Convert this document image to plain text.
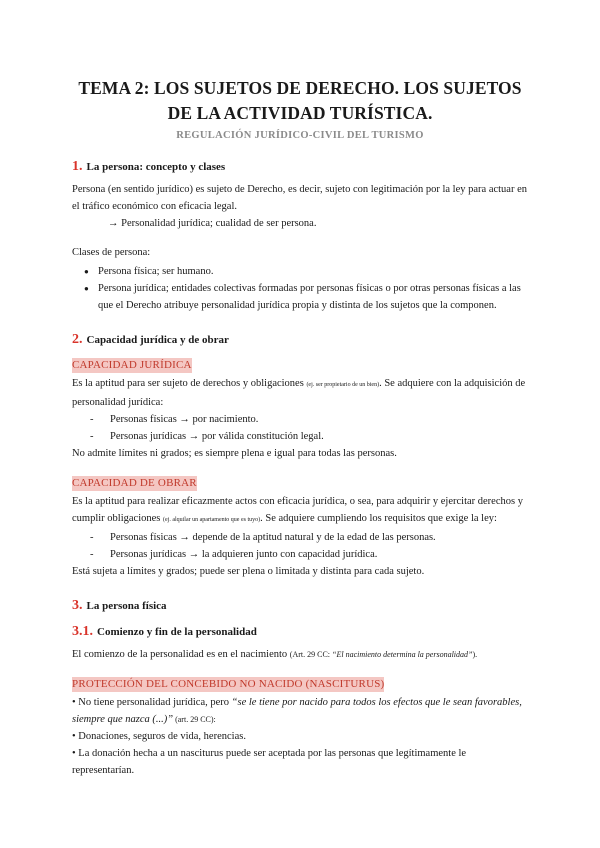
TEMA 2: LOS SUJETOS DE DERECHO. LOS SUJETOS DE LA ACTIVIDAD TURÍSTICA.
REGULACIÓN JURÍDICO-CIVIL DEL TURISMO
1. La persona: concepto y clases

Persona (en sentido jurídico) es sujeto de Derecho, es decir, sujeto con legitimación por la ley para actuar en el tráfico económico con eficacia legal.

→ Personalidad jurídica; cualidad de ser persona.

Clases de persona:

● Persona física; ser humano.
● Persona jurídica; entidades colectivas formadas por personas físicas o por otras personas físicas a las que el Derecho atribuye personalidad jurídica propia y distinta de los sujetos que la componen.
2. Capacidad jurídica y de obrar
CAPACIDAD JURÍDICA

Es la aptitud para ser sujeto de derechos y obligaciones (ej. ser propietario de un bien). Se adquiere con la adquisición de personalidad jurídica:

- Personas físicas → por nacimiento.
- Personas jurídicas → por válida constitución legal.

No admite límites ni grados; es siempre plena e igual para todas las personas.

CAPACIDAD DE OBRAR

Es la aptitud para realizar eficazmente actos con eficacia jurídica, o sea, para adquirir y ejercitar derechos y cumplir obligaciones (ej. alquilar un apartamento que es tuyo). Se adquiere cumpliendo los requisitos que exige la ley:

- Personas físicas → depende de la aptitud natural y de la edad de las personas.
- Personas jurídicas → la adquieren junto con capacidad jurídica.

Está sujeta a límites y grados; puede ser plena o limitada y distinta para cada sujeto.

3. La persona física
3.1. Comienzo y fin de la personalidad

El comienzo de la personalidad es en el nacimiento (Art. 29 CC: “El nacimiento determina la personalidad”).

PROTECCIÓN DEL CONCEBIDO NO NACIDO (NASCITURUS)

• No tiene personalidad jurídica, pero “se le tiene por nacido para todos los efectos que le sean favorables, siempre que nazca (...)” (art. 29 CC):

• Donaciones, seguros de vida, herencias.

• La donación hecha a un nasciturus puede ser aceptada por las personas que legítimamente le representarían.
